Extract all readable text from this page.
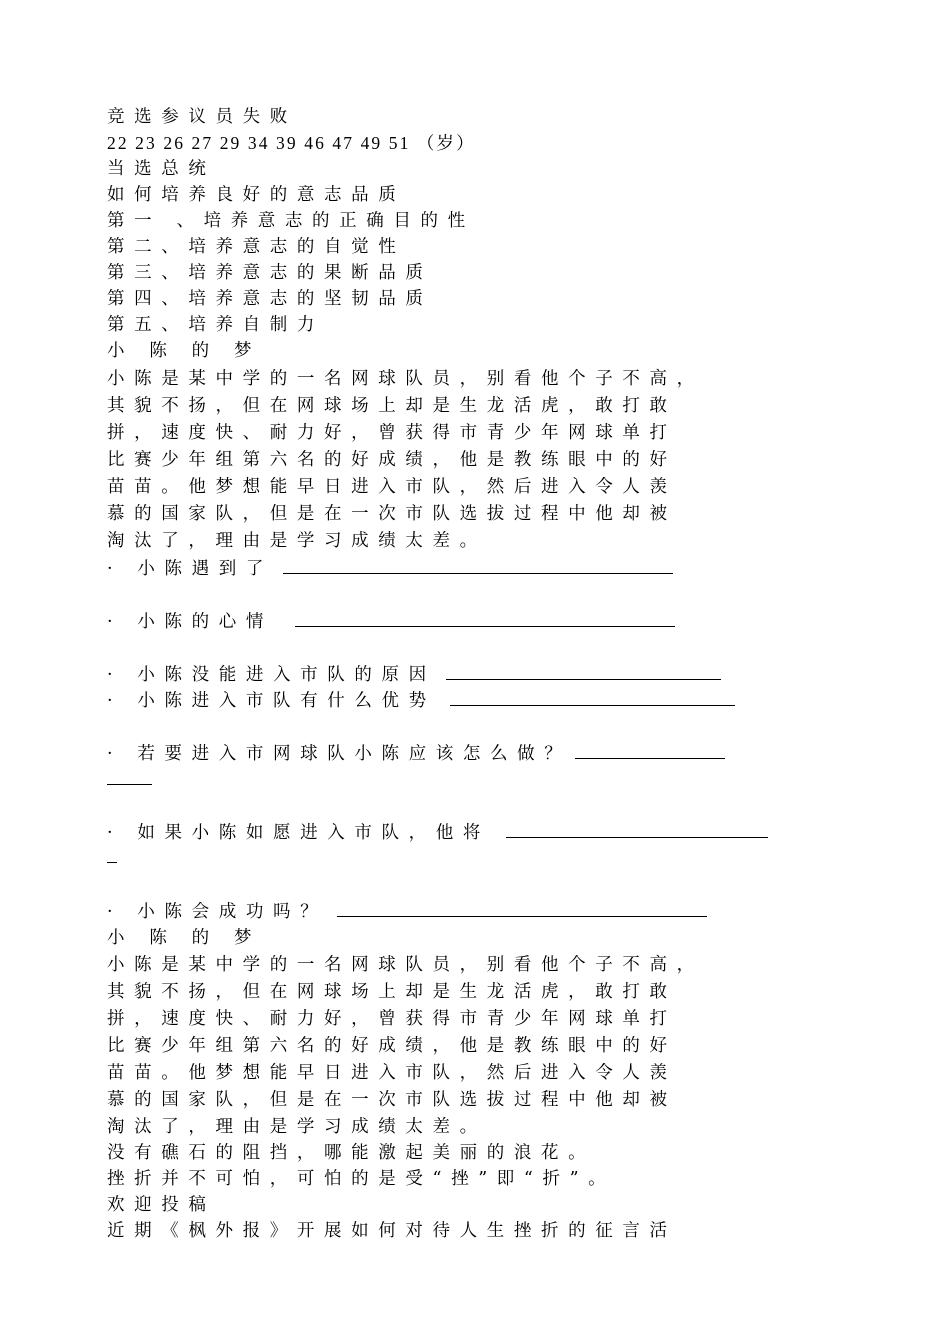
竞选参议员失败
22 23 26 27 29 34 39 46 47 49 51 （岁）
当选总统
如何培养良好的意志品质
第一 、培养意志的正确目的性
第二、培养意志的自觉性
第三、培养意志的果断品质
第四、培养意志的坚韧品质
第五、培养自制力
小 陈 的 梦
小陈是某中学的一名网球队员，别看他个子不高，
其貌不扬，但在网球场上却是生龙活虎，敢打敢
拼，速度快、耐力好，曾获得市青少年网球单打
比赛少年组第六名的好成绩，他是教练眼中的好
苗苗。他梦想能早日进入市队，然后进入令人羡
慕的国家队，但是在一次市队选拔过程中他却被
淘汰了，理由是学习成绩太差。
· 小陈遇到了
· 小陈的心情
· 小陈没能进入市队的原因
· 小陈进入市队有什么优势
· 若要进入市网球队小陈应该怎么做？
· 如果小陈如愿进入市队，他将
· 小陈会成功吗？
小 陈 的 梦
小陈是某中学的一名网球队员，别看他个子不高，
其貌不扬，但在网球场上却是生龙活虎，敢打敢
拼，速度快、耐力好，曾获得市青少年网球单打
比赛少年组第六名的好成绩，他是教练眼中的好
苗苗。他梦想能早日进入市队，然后进入令人羡
慕的国家队，但是在一次市队选拔过程中他却被
淘汰了，理由是学习成绩太差。
没有礁石的阻挡，哪能激起美丽的浪花。
挫折并不可怕，可怕的是受“挫”即“折”。
欢迎投稿
近期《枫外报》开展如何对待人生挫折的征言活
